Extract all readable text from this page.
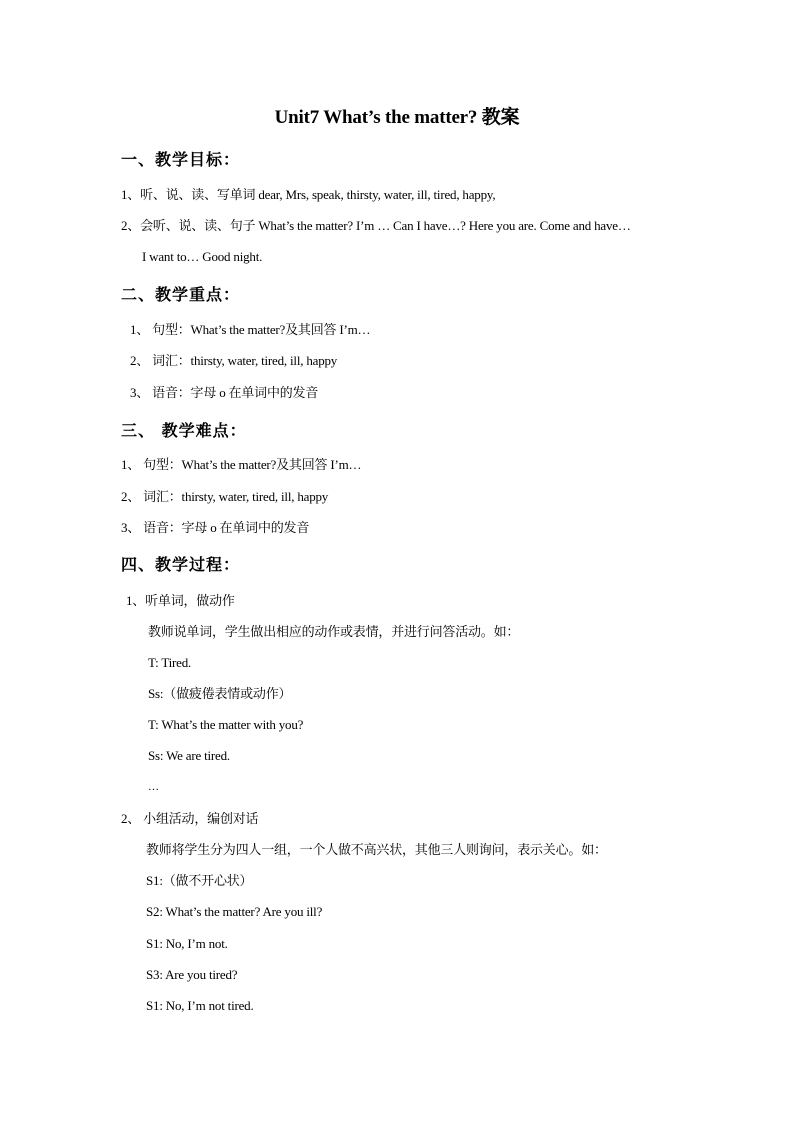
Unit7 What’s the matter? 教案
一、教学目标：
1、听、说、读、写单词 dear, Mrs, speak, thirsty, water, ill, tired, happy,
2、会听、说、读、句子 What’s the matter? I’m … Can I have…? Here you are. Come and have…
I want to… Good night.
二、教学重点：
1、 句型：What’s the matter?及其回答 I’m…
2、 词汇：thirsty, water, tired, ill, happy
3、 语音：字母 o 在单词中的发音
三、 教学难点：
1、 句型：What’s the matter?及其回答 I’m…
2、 词汇：thirsty, water, tired, ill, happy
3、 语音：字母 o 在单词中的发音
四、教学过程：
1、听单词，做动作
教师说单词，学生做出相应的动作或表情，并进行问答活动。如：
T: Tired.
Ss:（做疲倦表情或动作）
T: What’s the matter with you?
Ss: We are tired.
…
2、 小组活动，编创对话
教师将学生分为四人一组，一个人做不高兴状，其他三人则询问，表示关心。如：
S1:（做不开心状）
S2: What’s the matter? Are you ill?
S1: No, I’m not.
S3: Are you tired?
S1: No, I’m not tired.
